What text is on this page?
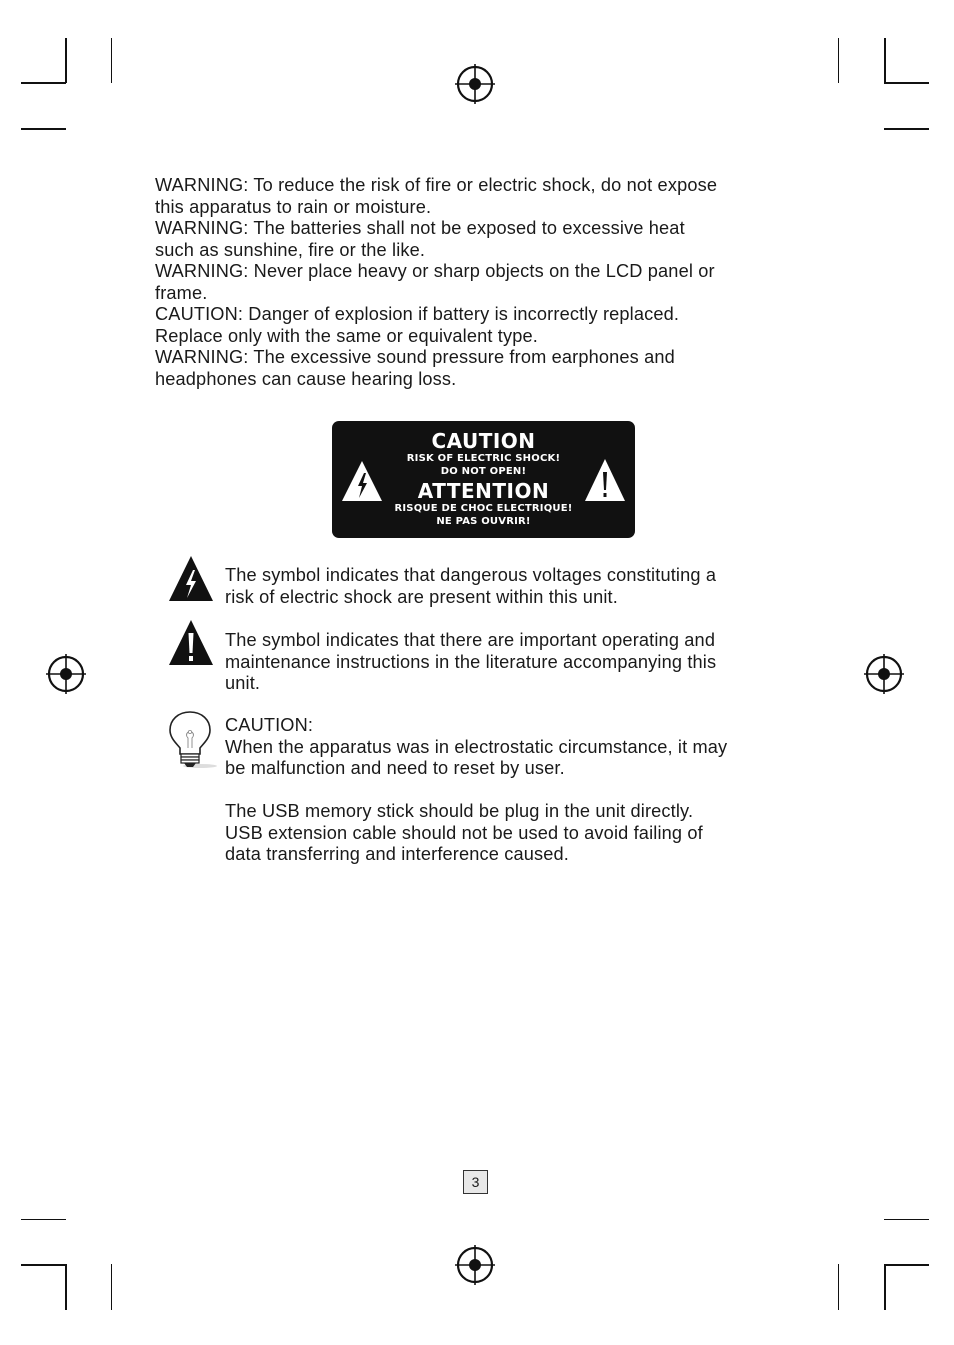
WARNING: To reduce the risk of fire or electric shock, do not expose

this apparatus to rain or moisture.

WARNING: The batteries shall not be exposed to excessive heat

such as sunshine, fire or the like.

WARNING: Never place heavy or sharp objects on the LCD panel or

frame.

CAUTION: Danger of explosion if battery is incorrectly replaced.

Replace only with the same or equivalent type.

WARNING: The excessive sound pressure from earphones and

headphones can cause hearing loss.

CAUTION
RISK OF ELECTRIC SHOCK!
DO NOT OPEN!
ATTENTION
RISQUE DE CHOC ELECTRIQUE!
NE PAS OUVRIR!

The symbol indicates that dangerous voltages constituting a

risk of electric shock are present within this unit.

The symbol indicates that there are important operating and

maintenance instructions in the literature accompanying this

unit.

CAUTION:

When the apparatus was in electrostatic circumstance, it may

be malfunction and need to reset by user.

The USB memory stick should be plug in the unit directly.

USB extension cable should not be used to avoid failing of

data transferring and interference caused.

3
